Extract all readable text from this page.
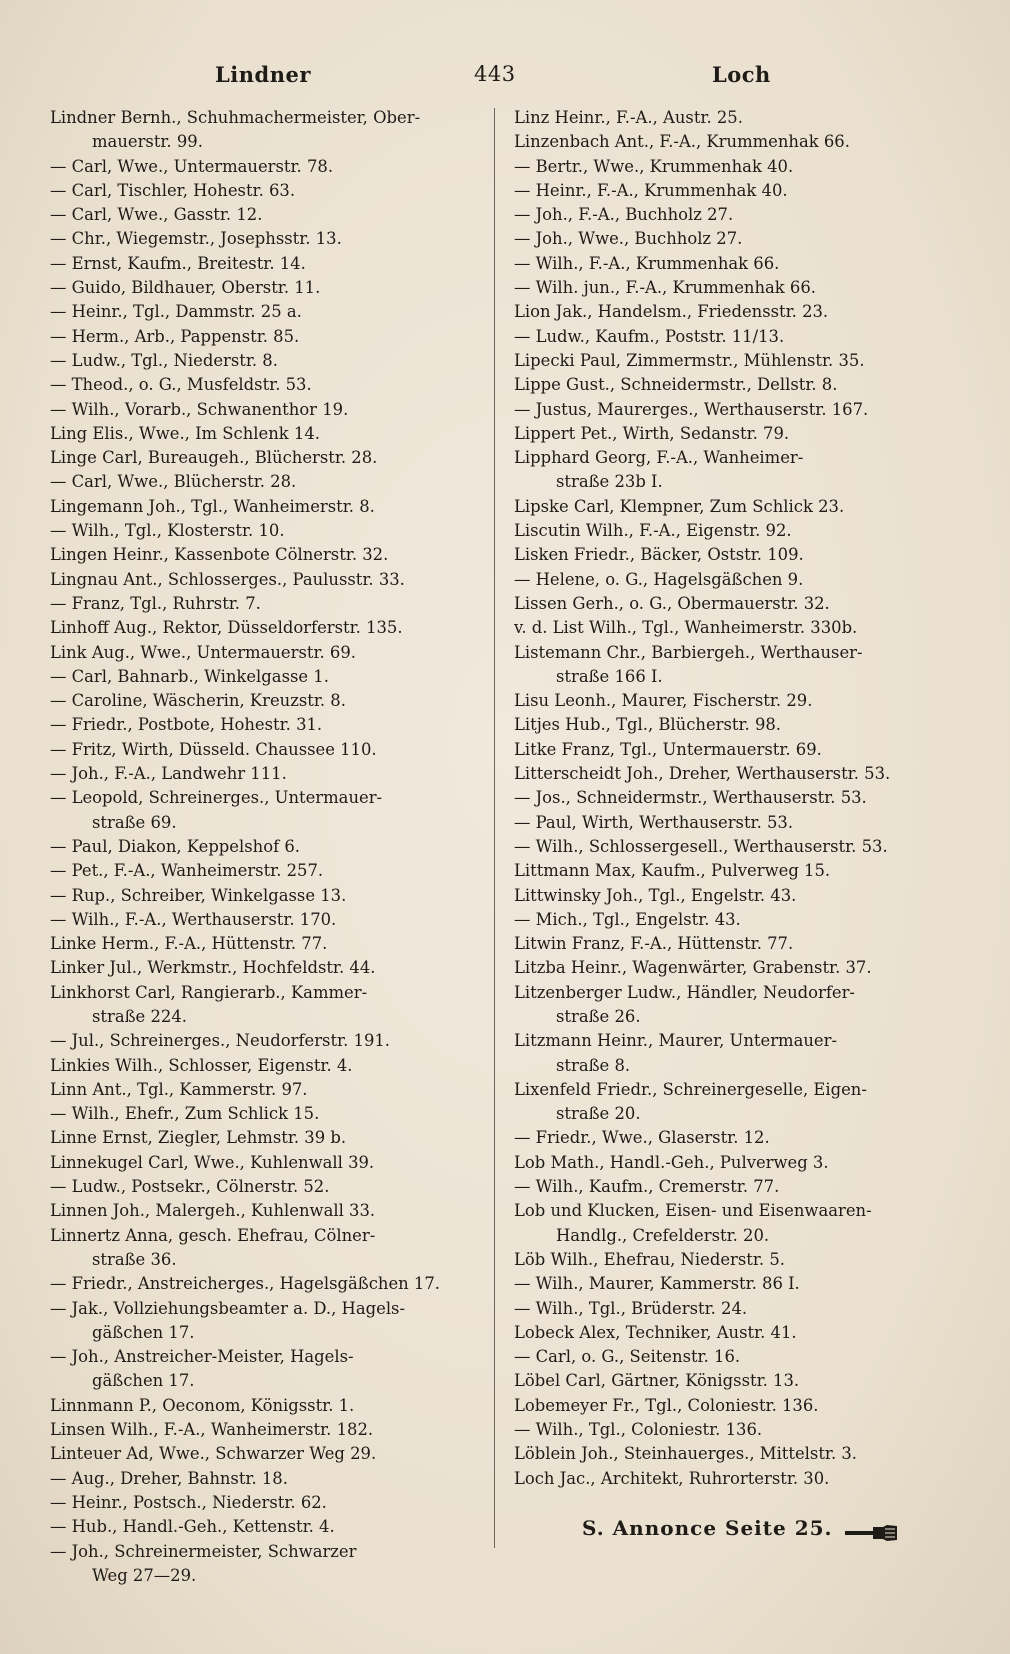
Lindner	443	Loch
Lindner Bernh., Schuhmachermeister, Ober-
mauerstr. 99.
— Carl, Wwe., Untermauerstr. 78.
— Carl, Tischler, Hohestr. 63.
— Carl, Wwe., Gasstr. 12.
— Chr., Wiegemstr., Josephsstr. 13.
— Ernst, Kaufm., Breitestr. 14.
— Guido, Bildhauer, Oberstr. 11.
— Heinr., Tgl., Dammstr. 25 a.
— Herm., Arb., Pappenstr. 85.
— Ludw., Tgl., Niederstr. 8.
— Theod., o. G., Musfeldstr. 53.
— Wilh., Vorarb., Schwanenthor 19.
Ling Elis., Wwe., Im Schlenk 14.
Linge Carl, Bureaugeh., Blücherstr. 28.
— Carl, Wwe., Blücherstr. 28.
Lingemann Joh., Tgl., Wanheimerstr. 8.
— Wilh., Tgl., Klosterstr. 10.
Lingen Heinr., Kassenbote Cölnerstr. 32.
Lingnau Ant., Schlosserges., Paulusstr. 33.
— Franz, Tgl., Ruhrstr. 7.
Linhoff Aug., Rektor, Düsseldorferstr. 135.
Link Aug., Wwe., Untermauerstr. 69.
— Carl, Bahnarb., Winkelgasse 1.
— Caroline, Wäscherin, Kreuzstr. 8.
— Friedr., Postbote, Hohestr. 31.
— Fritz, Wirth, Düsseld. Chaussee 110.
— Joh., F.-A., Landwehr 111.
— Leopold, Schreinerges., Untermauer-
straße 69.
— Paul, Diakon, Keppelshof 6.
— Pet., F.-A., Wanheimerstr. 257.
— Rup., Schreiber, Winkelgasse 13.
— Wilh., F.-A., Werthauserstr. 170.
Linke Herm., F.-A., Hüttenstr. 77.
Linker Jul., Werkmstr., Hochfeldstr. 44.
Linkhorst Carl, Rangierarb., Kammer-
straße 224.
— Jul., Schreinerges., Neudorferstr. 191.
Linkies Wilh., Schlosser, Eigenstr. 4.
Linn Ant., Tgl., Kammerstr. 97.
— Wilh., Ehefr., Zum Schlick 15.
Linne Ernst, Ziegler, Lehmstr. 39 b.
Linnekugel Carl, Wwe., Kuhlenwall 39.
— Ludw., Postsekr., Cölnerstr. 52.
Linnen Joh., Malergeh., Kuhlenwall 33.
Linnertz Anna, gesch. Ehefrau, Cölner-
straße 36.
— Friedr., Anstreicherges., Hagelsgäßchen 17.
— Jak., Vollziehungsbeamter a. D., Hagels-
gäßchen 17.
— Joh., Anstreicher-Meister, Hagels-
gäßchen 17.
Linnmann P., Oeconom, Königsstr. 1.
Linsen Wilh., F.-A., Wanheimerstr. 182.
Linteuer Ad, Wwe., Schwarzer Weg 29.
— Aug., Dreher, Bahnstr. 18.
— Heinr., Postsch., Niederstr. 62.
— Hub., Handl.-Geh., Kettenstr. 4.
— Joh., Schreinermeister, Schwarzer
Weg 27—29.
Linz Heinr., F.-A., Austr. 25.
Linzenbach Ant., F.-A., Krummenhak 66.
— Bertr., Wwe., Krummenhak 40.
— Heinr., F.-A., Krummenhak 40.
— Joh., F.-A., Buchholz 27.
— Joh., Wwe., Buchholz 27.
— Wilh., F.-A., Krummenhak 66.
— Wilh. jun., F.-A., Krummenhak 66.
Lion Jak., Handelsm., Friedensstr. 23.
— Ludw., Kaufm., Poststr. 11/13.
Lipecki Paul, Zimmermstr., Mühlenstr. 35.
Lippe Gust., Schneidermstr., Dellstr. 8.
— Justus, Maurerges., Werthauserstr. 167.
Lippert Pet., Wirth, Sedanstr. 79.
Lipphard Georg, F.-A., Wanheimer-
straße 23b I.
Lipske Carl, Klempner, Zum Schlick 23.
Liscutin Wilh., F.-A., Eigenstr. 92.
Lisken Friedr., Bäcker, Oststr. 109.
— Helene, o. G., Hagelsgäßchen 9.
Lissen Gerh., o. G., Obermauerstr. 32.
v. d. List Wilh., Tgl., Wanheimerstr. 330b.
Listemann Chr., Barbiergeh., Werthauser-
straße 166 I.
Lisu Leonh., Maurer, Fischerstr. 29.
Litjes Hub., Tgl., Blücherstr. 98.
Litke Franz, Tgl., Untermauerstr. 69.
Litterscheidt Joh., Dreher, Werthauserstr. 53.
— Jos., Schneidermstr., Werthauserstr. 53.
— Paul, Wirth, Werthauserstr. 53.
— Wilh., Schlossergesell., Werthauserstr. 53.
Littmann Max, Kaufm., Pulverweg 15.
Littwinsky Joh., Tgl., Engelstr. 43.
— Mich., Tgl., Engelstr. 43.
Litwin Franz, F.-A., Hüttenstr. 77.
Litzba Heinr., Wagenwärter, Grabenstr. 37.
Litzenberger Ludw., Händler, Neudorfer-
straße 26.
Litzmann Heinr., Maurer, Untermauer-
straße 8.
Lixenfeld Friedr., Schreinergeselle, Eigen-
straße 20.
— Friedr., Wwe., Glaserstr. 12.
Lob Math., Handl.-Geh., Pulverweg 3.
— Wilh., Kaufm., Cremerstr. 77.
Lob und Klucken, Eisen- und Eisenwaaren-
Handlg., Crefelderstr. 20.
Löb Wilh., Ehefrau, Niederstr. 5.
— Wilh., Maurer, Kammerstr. 86 I.
— Wilh., Tgl., Brüderstr. 24.
Lobeck Alex, Techniker, Austr. 41.
— Carl, o. G., Seitenstr. 16.
Löbel Carl, Gärtner, Königsstr. 13.
Lobemeyer Fr., Tgl., Coloniestr. 136.
— Wilh., Tgl., Coloniestr. 136.
Löblein Joh., Steinhauerges., Mittelstr. 3.
Loch Jac., Architekt, Ruhrorterstr. 30.
S. Annonce Seite 25.
